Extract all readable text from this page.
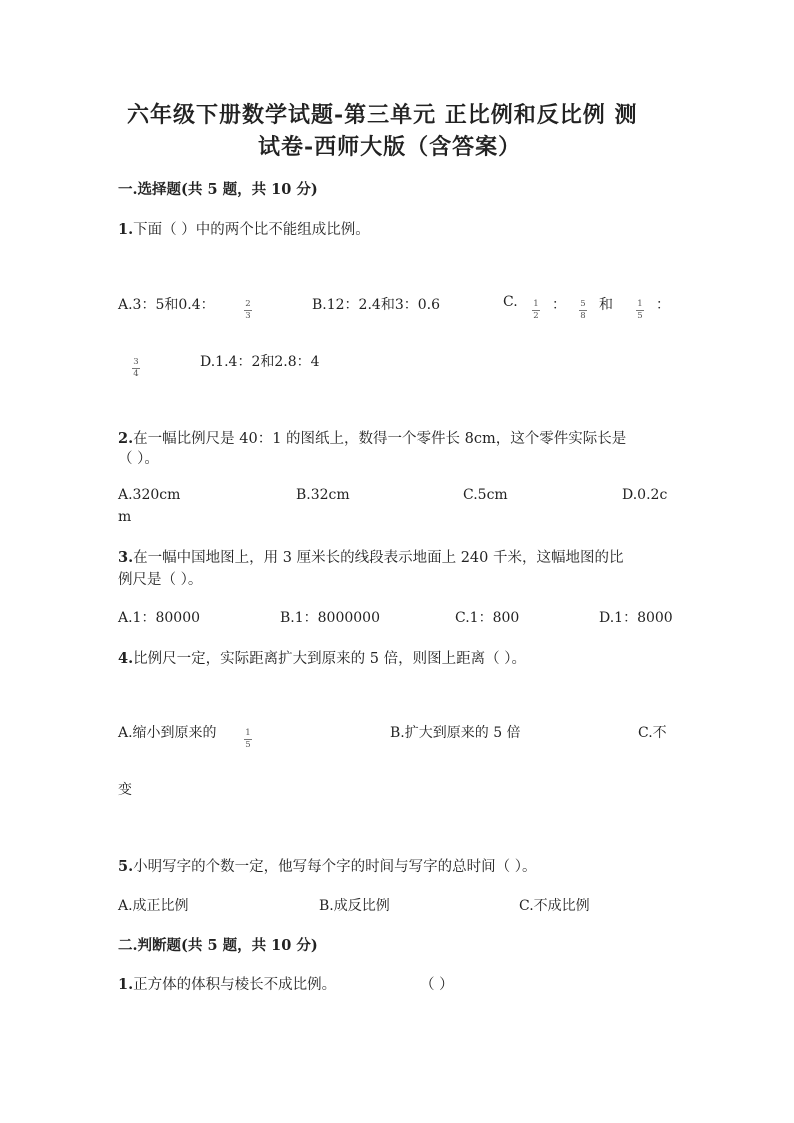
六年级下册数学试题-第三单元 正比例和反比例 测
试卷-西师大版（含答案）
一.选择题(共 5 题，共 10 分)
1.下面（ ）中的两个比不能组成比例。
A.3：5和0.4：	2
3
B.12：2.4和3：0.6	C. 1
2
： 5
8
和	1
5
：
3
4
D.1.4：2和2.8：4
2.在一幅比例尺是 40：1 的图纸上，数得一个零件长 8cm，这个零件实际长是
（ ）。
A.320cm	B.32cm	C.5cm	D.0.2c
m
3.在一幅中国地图上，用 3 厘米长的线段表示地面上 240 千米，这幅地图的比
例尺是（ ）。
A.1：80000	B.1：8000000	C.1：800	D.1：8000
4.比例尺一定，实际距离扩大到原来的 5 倍，则图上距离（ ）。
A.缩小到原来的	1
5
B.扩大到原来的 5 倍	C.不
变
5.小明写字的个数一定，他写每个字的时间与写字的总时间（ ）。
A.成正比例	B.成反比例	C.不成比例
二.判断题(共 5 题，共 10 分)
1.正方体的体积与棱长不成比例。	（ ）
